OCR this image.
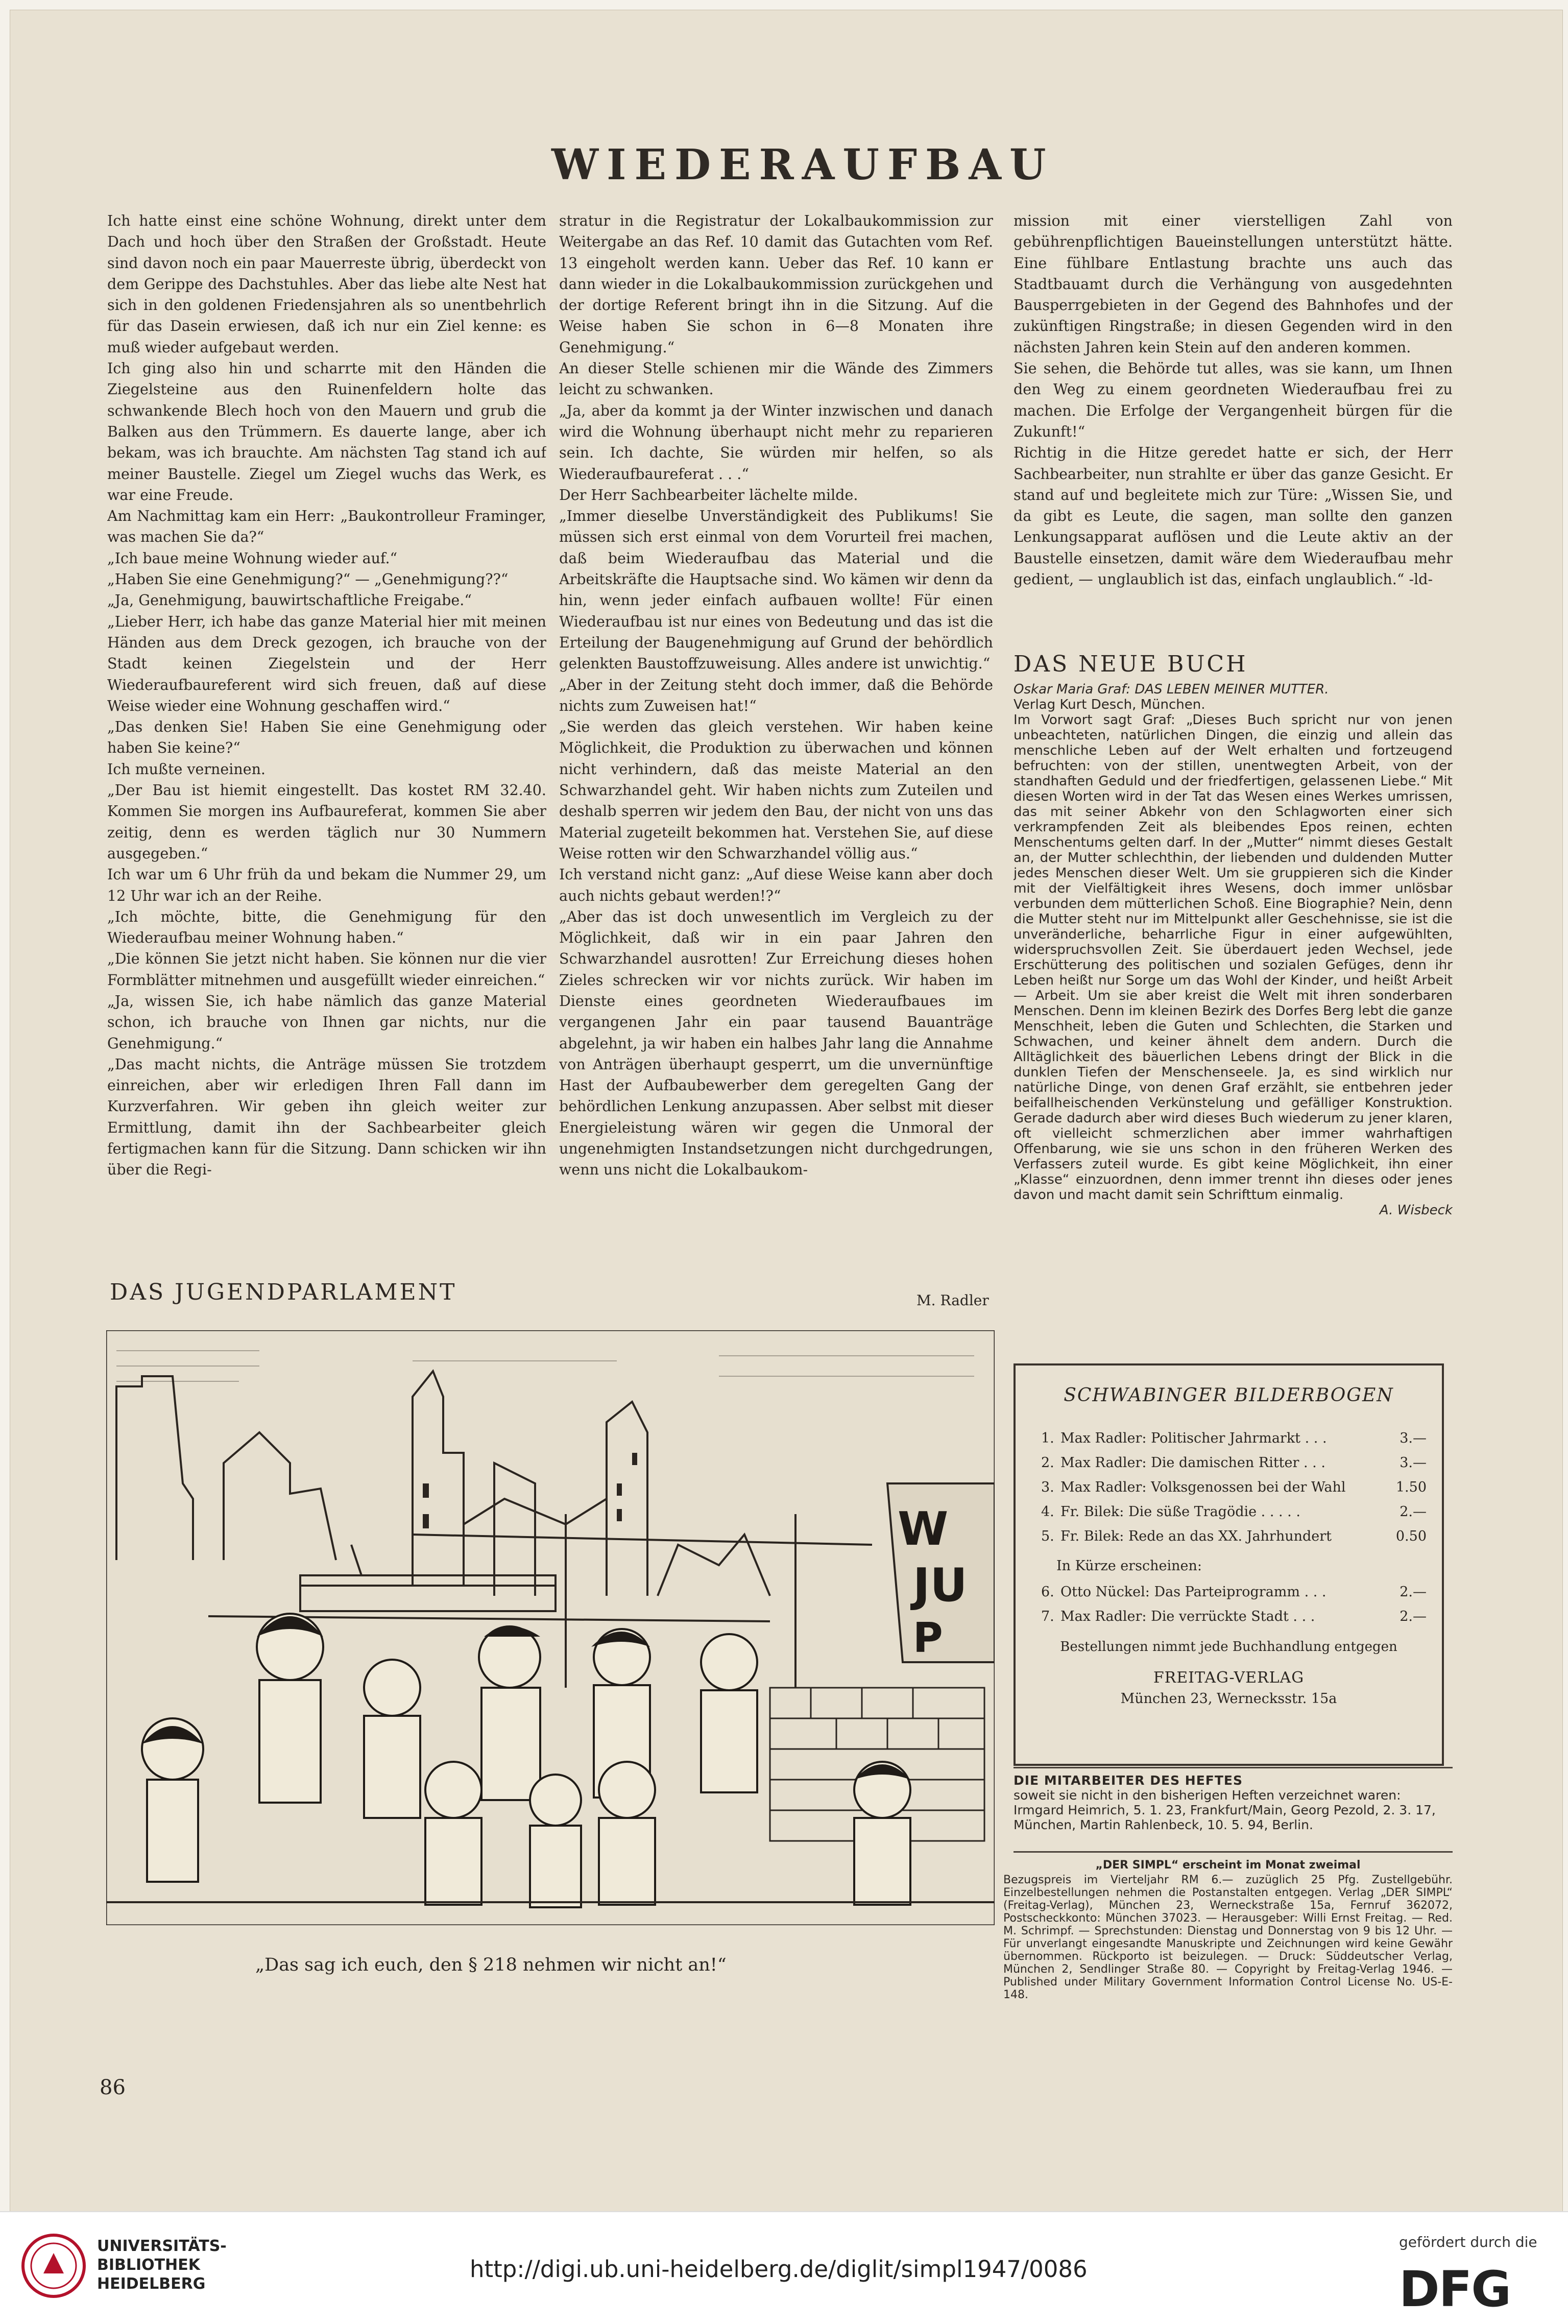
WIEDERAUFBAU

Ich hatte einst eine schöne Wohnung, direkt unter dem Dach und hoch über den Straßen der Großstadt. Heute sind davon noch ein paar Mauerreste übrig, überdeckt von dem Gerippe des Dachstuhles. Aber das liebe alte Nest hat sich in den goldenen Friedensjahren als so unentbehrlich für das Dasein erwiesen, daß ich nur ein Ziel kenne: es muß wieder aufgebaut werden.

Ich ging also hin und scharrte mit den Händen die Ziegelsteine aus den Ruinenfeldern holte das schwankende Blech hoch von den Mauern und grub die Balken aus den Trümmern. Es dauerte lange, aber ich bekam, was ich brauchte. Am nächsten Tag stand ich auf meiner Baustelle. Ziegel um Ziegel wuchs das Werk, es war eine Freude.

Am Nachmittag kam ein Herr: „Baukontrolleur Framinger, was machen Sie da?“

„Ich baue meine Wohnung wieder auf.“

„Haben Sie eine Genehmigung?“ — „Genehmigung??“

„Ja, Genehmigung, bauwirtschaftliche Freigabe.“

„Lieber Herr, ich habe das ganze Material hier mit meinen Händen aus dem Dreck gezogen, ich brauche von der Stadt keinen Ziegelstein und der Herr Wiederaufbaureferent wird sich freuen, daß auf diese Weise wieder eine Wohnung geschaffen wird.“

„Das denken Sie! Haben Sie eine Genehmigung oder haben Sie keine?“

Ich mußte verneinen.

„Der Bau ist hiemit eingestellt. Das kostet RM 32.40. Kommen Sie morgen ins Aufbaureferat, kommen Sie aber zeitig, denn es werden täglich nur 30 Nummern ausgegeben.“

Ich war um 6 Uhr früh da und bekam die Nummer 29, um 12 Uhr war ich an der Reihe.

„Ich möchte, bitte, die Genehmigung für den Wiederaufbau meiner Wohnung haben.“

„Die können Sie jetzt nicht haben. Sie können nur die vier Formblätter mitnehmen und ausgefüllt wieder einreichen.“

„Ja, wissen Sie, ich habe nämlich das ganze Material schon, ich brauche von Ihnen gar nichts, nur die Genehmigung.“

„Das macht nichts, die Anträge müssen Sie trotzdem einreichen, aber wir erledigen Ihren Fall dann im Kurzverfahren. Wir geben ihn gleich weiter zur Ermittlung, damit ihn der Sachbearbeiter gleich fertigmachen kann für die Sitzung. Dann schicken wir ihn über die Regi-

stratur in die Registratur der Lokalbaukommission zur Weitergabe an das Ref. 10 damit das Gutachten vom Ref. 13 eingeholt werden kann. Ueber das Ref. 10 kann er dann wieder in die Lokalbaukommission zurückgehen und der dortige Referent bringt ihn in die Sitzung. Auf die Weise haben Sie schon in 6—8 Monaten ihre Genehmigung.“

An dieser Stelle schienen mir die Wände des Zimmers leicht zu schwanken.

„Ja, aber da kommt ja der Winter inzwischen und danach wird die Wohnung überhaupt nicht mehr zu reparieren sein. Ich dachte, Sie würden mir helfen, so als Wiederaufbaureferat . . .“

Der Herr Sachbearbeiter lächelte milde.

„Immer dieselbe Unverständigkeit des Publikums! Sie müssen sich erst einmal von dem Vorurteil frei machen, daß beim Wiederaufbau das Material und die Arbeitskräfte die Hauptsache sind. Wo kämen wir denn da hin, wenn jeder einfach aufbauen wollte! Für einen Wiederaufbau ist nur eines von Bedeutung und das ist die Erteilung der Baugenehmigung auf Grund der behördlich gelenkten Baustoffzuweisung. Alles andere ist unwichtig.“

„Aber in der Zeitung steht doch immer, daß die Behörde nichts zum Zuweisen hat!“

„Sie werden das gleich verstehen. Wir haben keine Möglichkeit, die Produktion zu überwachen und können nicht verhindern, daß das meiste Material an den Schwarzhandel geht. Wir haben nichts zum Zuteilen und deshalb sperren wir jedem den Bau, der nicht von uns das Material zugeteilt bekommen hat. Verstehen Sie, auf diese Weise rotten wir den Schwarzhandel völlig aus.“

Ich verstand nicht ganz: „Auf diese Weise kann aber doch auch nichts gebaut werden!?“

„Aber das ist doch unwesentlich im Vergleich zu der Möglichkeit, daß wir in ein paar Jahren den Schwarzhandel ausrotten! Zur Erreichung dieses hohen Zieles schrecken wir vor nichts zurück. Wir haben im Dienste eines geordneten Wiederaufbaues im vergangenen Jahr ein paar tausend Bauanträge abgelehnt, ja wir haben ein halbes Jahr lang die Annahme von Anträgen überhaupt gesperrt, um die unvernünftige Hast der Aufbaubewerber dem geregelten Gang der behördlichen Lenkung anzupassen. Aber selbst mit dieser Energieleistung wären wir gegen die Unmoral der ungenehmigten Instandsetzungen nicht durchgedrungen, wenn uns nicht die Lokalbaukom-

mission mit einer vierstelligen Zahl von gebührenpflichtigen Baueinstellungen unterstützt hätte. Eine fühlbare Entlastung brachte uns auch das Stadtbauamt durch die Verhängung von ausgedehnten Bausperrgebieten in der Gegend des Bahnhofes und der zukünftigen Ringstraße; in diesen Gegenden wird in den nächsten Jahren kein Stein auf den anderen kommen.

Sie sehen, die Behörde tut alles, was sie kann, um Ihnen den Weg zu einem geordneten Wiederaufbau frei zu machen. Die Erfolge der Vergangenheit bürgen für die Zukunft!“

Richtig in die Hitze geredet hatte er sich, der Herr Sachbearbeiter, nun strahlte er über das ganze Gesicht. Er stand auf und begleitete mich zur Türe: „Wissen Sie, und da gibt es Leute, die sagen, man sollte den ganzen Lenkungsapparat auflösen und die Leute aktiv an der Baustelle einsetzen, damit wäre dem Wiederaufbau mehr gedient, — unglaublich ist das, einfach unglaublich.“ -ld-

DAS NEUE BUCH
Oskar Maria Graf: DAS LEBEN MEINER MUTTER.
Verlag Kurt Desch, München.
Im Vorwort sagt Graf: „Dieses Buch spricht nur von jenen unbeachteten, natürlichen Dingen, die einzig und allein das menschliche Leben auf der Welt erhalten und fortzeugend befruchten: von der stillen, unentwegten Arbeit, von der standhaften Geduld und der friedfertigen, gelassenen Liebe.“ Mit diesen Worten wird in der Tat das Wesen eines Werkes umrissen, das mit seiner Abkehr von den Schlagworten einer sich verkrampfenden Zeit als bleibendes Epos reinen, echten Menschentums gelten darf. In der „Mutter“ nimmt dieses Gestalt an, der Mutter schlechthin, der liebenden und duldenden Mutter jedes Menschen dieser Welt. Um sie gruppieren sich die Kinder mit der Vielfältigkeit ihres Wesens, doch immer unlösbar verbunden dem mütterlichen Schoß. Eine Biographie? Nein, denn die Mutter steht nur im Mittelpunkt aller Geschehnisse, sie ist die unveränderliche, beharrliche Figur in einer aufgewühlten, widerspruchsvollen Zeit. Sie überdauert jeden Wechsel, jede Erschütterung des politischen und sozialen Gefüges, denn ihr Leben heißt nur Sorge um das Wohl der Kinder, und heißt Arbeit — Arbeit. Um sie aber kreist die Welt mit ihren sonderbaren Menschen. Denn im kleinen Bezirk des Dorfes Berg lebt die ganze Menschheit, leben die Guten und Schlechten, die Starken und Schwachen, und keiner ähnelt dem andern. Durch die Alltäglichkeit des bäuerlichen Lebens dringt der Blick in die dunklen Tiefen der Menschenseele. Ja, es sind wirklich nur natürliche Dinge, von denen Graf erzählt, sie entbehren jeder beifallheischenden Verkünstelung und gefälliger Konstruktion. Gerade dadurch aber wird dieses Buch wiederum zu jener klaren, oft vielleicht schmerzlichen aber immer wahrhaftigen Offenbarung, wie sie uns schon in den früheren Werken des Verfassers zuteil wurde. Es gibt keine Möglichkeit, ihn einer „Klasse“ einzuordnen, denn immer trennt ihn dieses oder jenes davon und macht damit sein Schrifttum einmalig.
A. Wisbeck
DAS JUGENDPARLAMENT	M. Radler
W
JU
P
„Das sag ich euch, den § 218 nehmen wir nicht an!“
86
SCHWABINGER BILDERBOGEN
1. Max Radler: Politischer Jahrmarkt . . .	3.—
2. Max Radler: Die damischen Ritter . . .	3.—
3. Max Radler: Volksgenossen bei der Wahl	1.50
4. Fr. Bilek: Die süße Tragödie . . . . .	2.—
5. Fr. Bilek: Rede an das XX. Jahrhundert	0.50
In Kürze erscheinen:
6. Otto Nückel: Das Parteiprogramm . . .	2.—
7. Max Radler: Die verrückte Stadt . . .	2.—
Bestellungen nimmt jede Buchhandlung entgegen
FREITAG-VERLAG
München 23, Wernecksstr. 15a
DIE MITARBEITER DES HEFTES
soweit sie nicht in den bisherigen Heften verzeichnet waren: Irmgard Heimrich, 5. 1. 23, Frankfurt/Main, Georg Pezold, 2. 3. 17, München, Martin Rahlenbeck, 10. 5. 94, Berlin.
„DER SIMPL“ erscheint im Monat zweimal
Bezugspreis im Vierteljahr RM 6.— zuzüglich 25 Pfg. Zustellgebühr. Einzelbestellungen nehmen die Postanstalten entgegen. Verlag „DER SIMPL“ (Freitag-Verlag), München 23, Werneckstraße 15a, Fernruf 362072, Postscheckkonto: München 37023. — Herausgeber: Willi Ernst Freitag. — Red. M. Schrimpf. — Sprechstunden: Dienstag und Donnerstag von 9 bis 12 Uhr. — Für unverlangt eingesandte Manuskripte und Zeichnungen wird keine Gewähr übernommen. Rückporto ist beizulegen. — Druck: Süddeutscher Verlag, München 2, Sendlinger Straße 80. — Copyright by Freitag-Verlag 1946. — Published under Military Government Information Control License No. US-E-148.
UNIVERSITÄTS-
BIBLIOTHEK
HEIDELBERG
http://digi.ub.uni-heidelberg.de/diglit/simpl1947/0086
gefördert durch die
DFG
